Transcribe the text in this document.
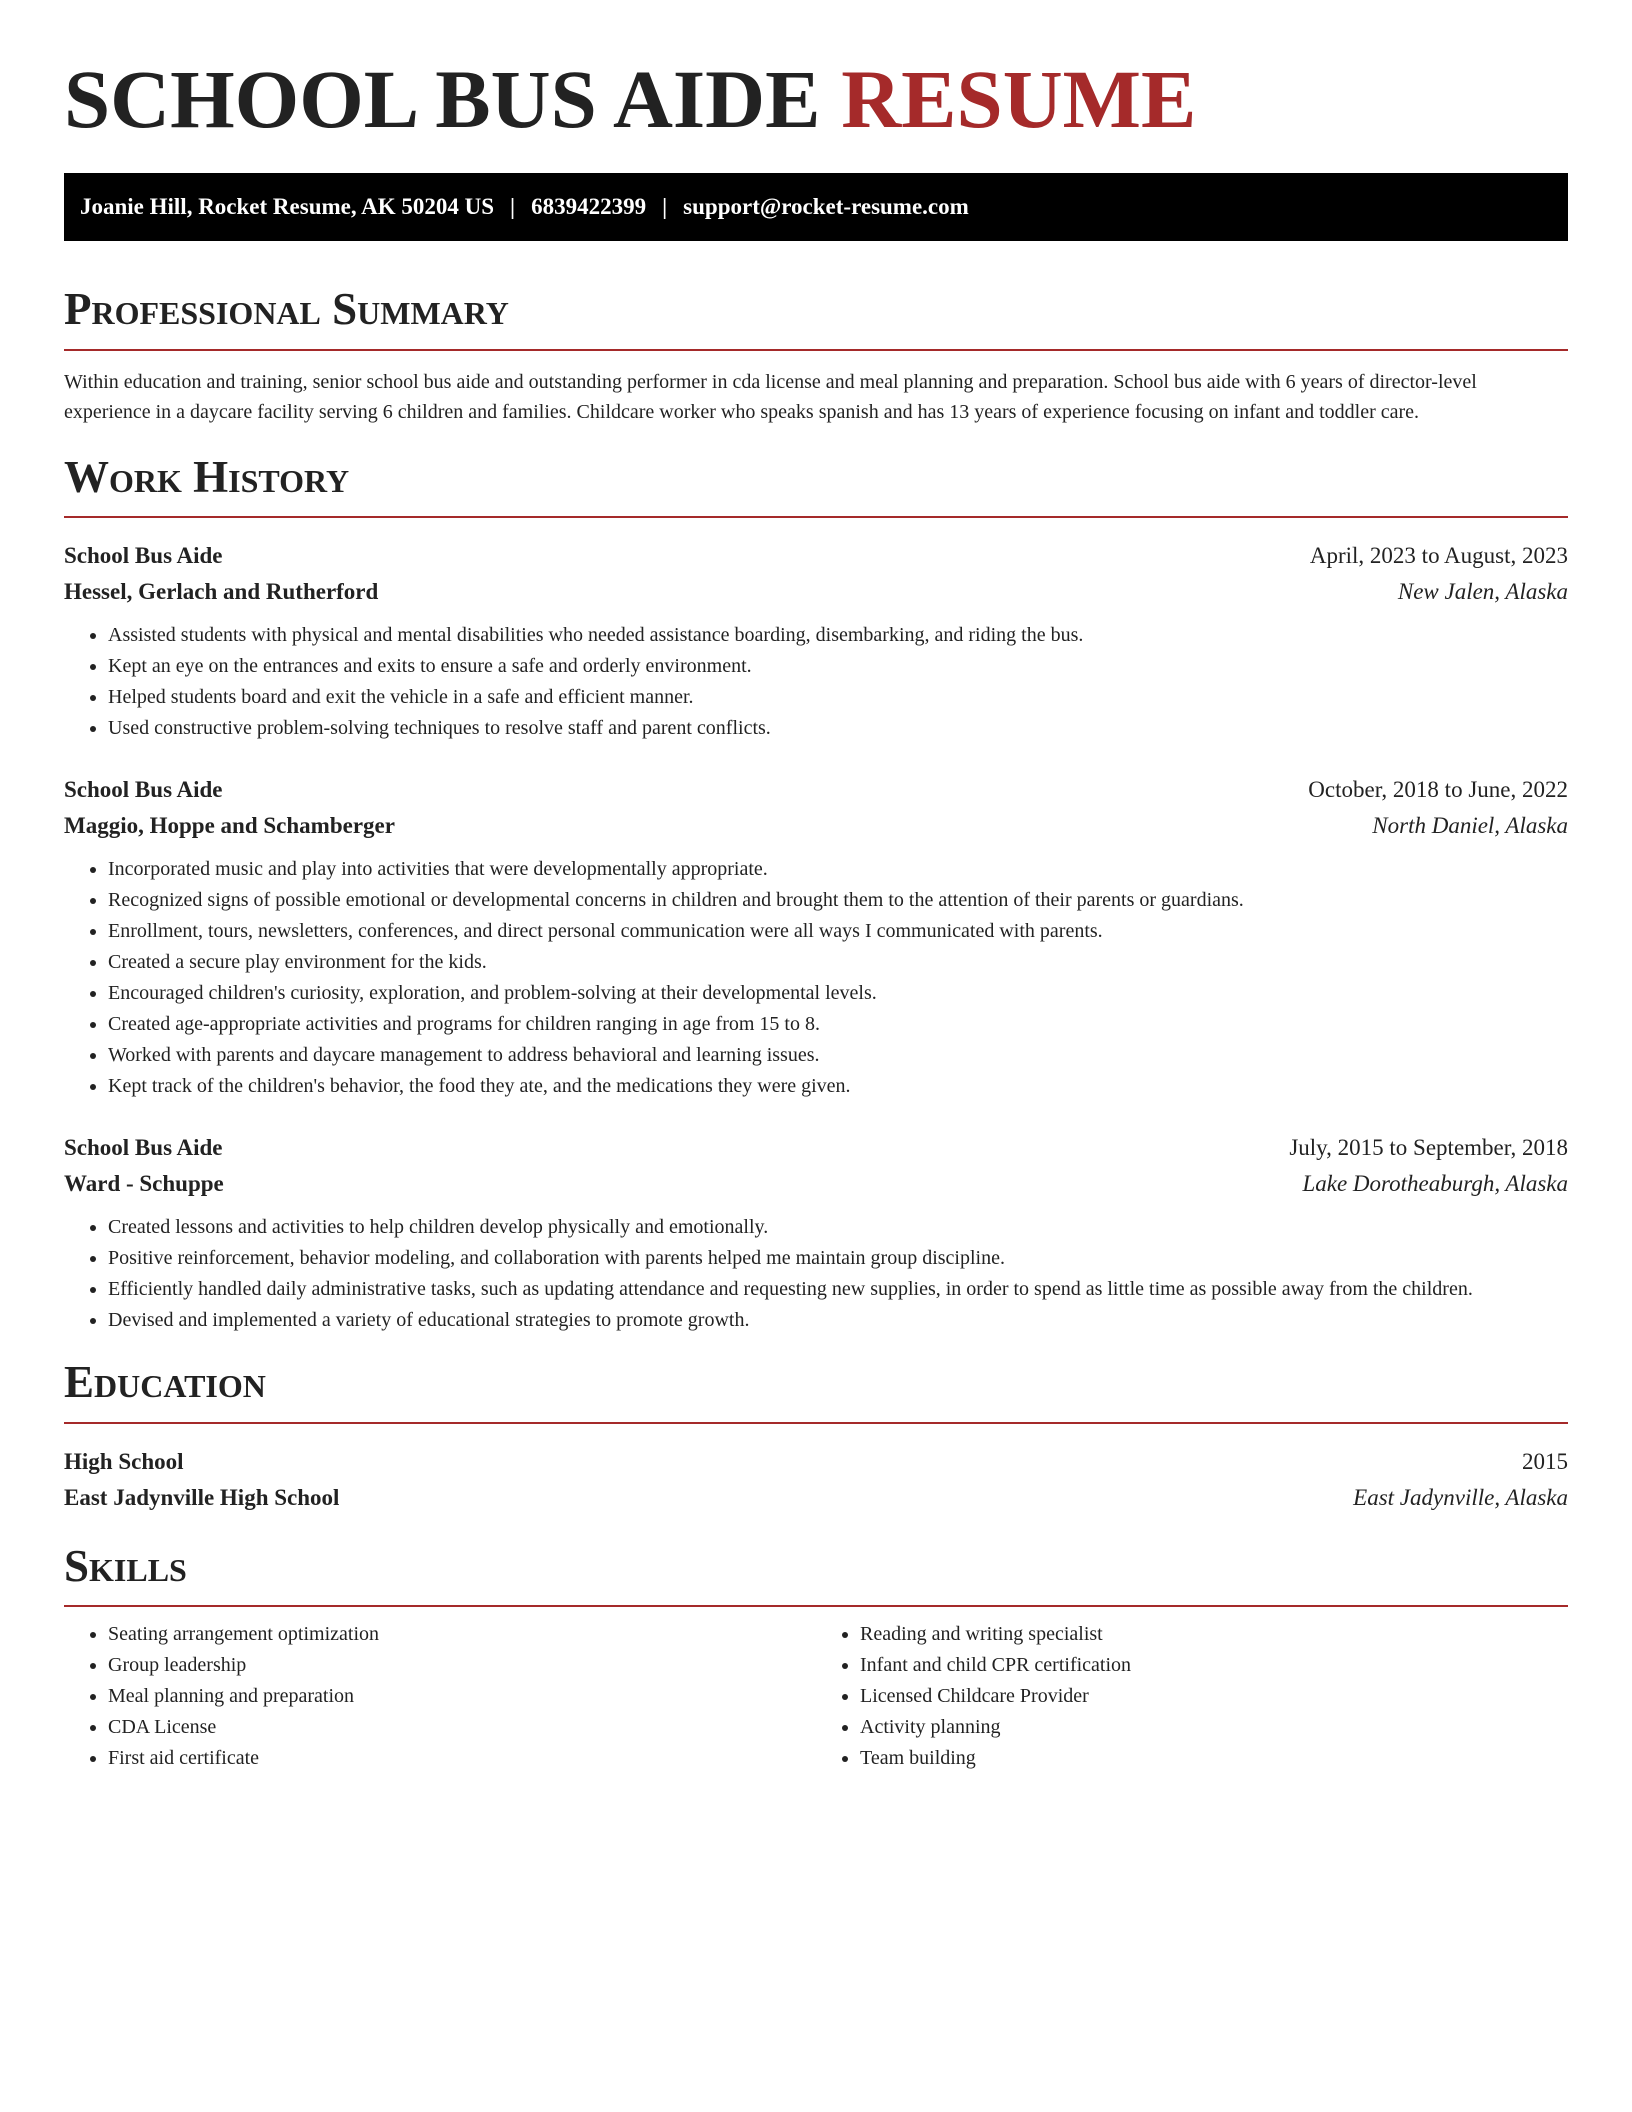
SCHOOL BUS AIDE RESUME
Joanie Hill, Rocket Resume, AK 50204 US | 6839422399 | support@rocket-resume.com
Professional Summary

Within education and training, senior school bus aide and outstanding performer in cda license and meal planning and preparation. School bus aide with 6 years of director-level experience in a daycare facility serving 6 children and families. Childcare worker who speaks spanish and has 13 years of experience focusing on infant and toddler care.

Work History
School Bus Aide	April, 2023 to August, 2023
Hessel, Gerlach and Rutherford	New Jalen, Alaska
• Assisted students with physical and mental disabilities who needed assistance boarding, disembarking, and riding the bus.
• Kept an eye on the entrances and exits to ensure a safe and orderly environment.
• Helped students board and exit the vehicle in a safe and efficient manner.
• Used constructive problem-solving techniques to resolve staff and parent conflicts.
School Bus Aide	October, 2018 to June, 2022
Maggio, Hoppe and Schamberger	North Daniel, Alaska
• Incorporated music and play into activities that were developmentally appropriate.
• Recognized signs of possible emotional or developmental concerns in children and brought them to the attention of their parents or guardians.
• Enrollment, tours, newsletters, conferences, and direct personal communication were all ways I communicated with parents.
• Created a secure play environment for the kids.
• Encouraged children's curiosity, exploration, and problem-solving at their developmental levels.
• Created age-appropriate activities and programs for children ranging in age from 15 to 8.
• Worked with parents and daycare management to address behavioral and learning issues.
• Kept track of the children's behavior, the food they ate, and the medications they were given.
School Bus Aide	July, 2015 to September, 2018
Ward - Schuppe	Lake Dorotheaburgh, Alaska
• Created lessons and activities to help children develop physically and emotionally.
• Positive reinforcement, behavior modeling, and collaboration with parents helped me maintain group discipline.
• Efficiently handled daily administrative tasks, such as updating attendance and requesting new supplies, in order to spend as little time as possible away from the children.
• Devised and implemented a variety of educational strategies to promote growth.
Education
High School	2015
East Jadynville High School	East Jadynville, Alaska
Skills
• Seating arrangement optimization
• Group leadership
• Meal planning and preparation
• CDA License
• First aid certificate
• Reading and writing specialist
• Infant and child CPR certification
• Licensed Childcare Provider
• Activity planning
• Team building
